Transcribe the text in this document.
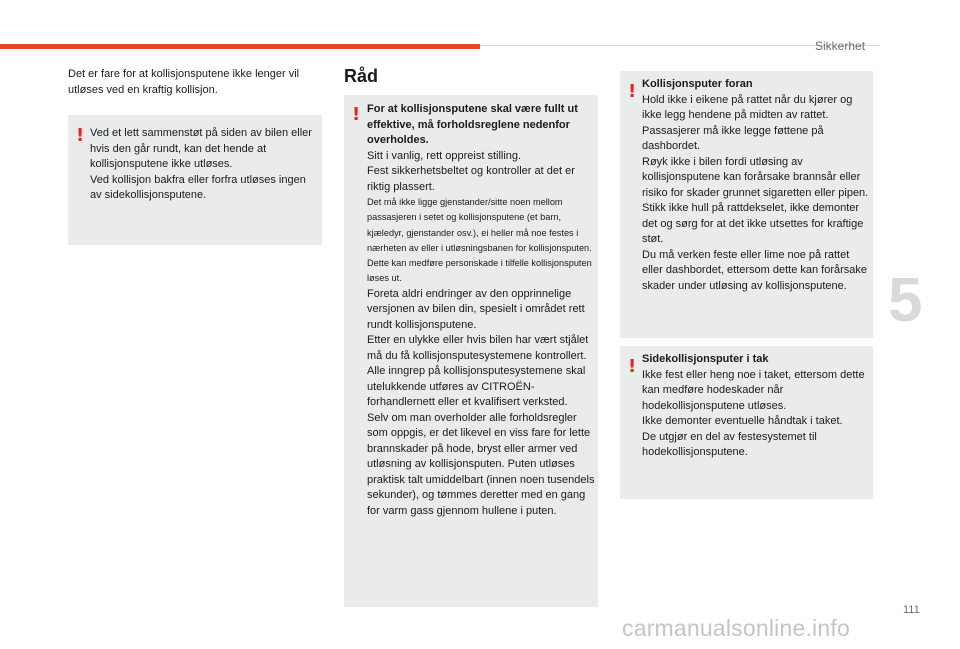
Sikkerhet
5
111
carmanualsonline.info
Det er fare for at kollisjonsputene ikke lenger vil utløses ved en kraftig kollisjon.
! Ved et lett sammenstøt på siden av bilen eller hvis den går rundt, kan det hende at kollisjonsputene ikke utløses.

Ved kollisjon bakfra eller forfra utløses ingen av sidekollisjonsputene.

Råd
! For at kollisjonsputene skal være fullt ut effektive, må forholdsreglene nedenfor overholdes.

Sitt i vanlig, rett oppreist stilling.

Fest sikkerhetsbeltet og kontroller at det er riktig plassert.

Det må ikke ligge gjenstander/sitte noen mellom passasjeren i setet og kollisjonsputene (et barn, kjæledyr, gjenstander osv.), ei heller må noe festes i nærheten av eller i utløsningsbanen for kollisjonsputen. Dette kan medføre personskade i tilfelle kollisjonsputen løses ut.

Foreta aldri endringer av den opprinnelige versjonen av bilen din, spesielt i området rett rundt kollisjonsputene.

Etter en ulykke eller hvis bilen har vært stjålet må du få kollisjonsputesystemene kontrollert.

Alle inngrep på kollisjonsputesystemene skal utelukkende utføres av CITROËN-forhandlernett eller et kvalifisert verksted.

Selv om man overholder alle forholdsregler som oppgis, er det likevel en viss fare for lette brannskader på hode, bryst eller armer ved utløsning av kollisjonsputen. Puten utløses praktisk talt umiddelbart (innen noen tusendels sekunder), og tømmes deretter med en gang for varm gass gjennom hullene i puten.

! Kollisjonsputer foran

Hold ikke i eikene på rattet når du kjører og ikke legg hendene på midten av rattet.

Passasjerer må ikke legge føttene på dashbordet.

Røyk ikke i bilen fordi utløsing av kollisjonsputene kan forårsake brannsår eller risiko for skader grunnet sigaretten eller pipen.

Stikk ikke hull på rattdekselet, ikke demonter det og sørg for at det ikke utsettes for kraftige støt.

Du må verken feste eller lime noe på rattet eller dashbordet, ettersom dette kan forårsake skader under utløsing av kollisjonsputene.

! Sidekollisjonsputer i tak

Ikke fest eller heng noe i taket, ettersom dette kan medføre hodeskader når hodekollisjonsputene utløses.

Ikke demonter eventuelle håndtak i taket.

De utgjør en del av festesystemet til hodekollisjonsputene.
